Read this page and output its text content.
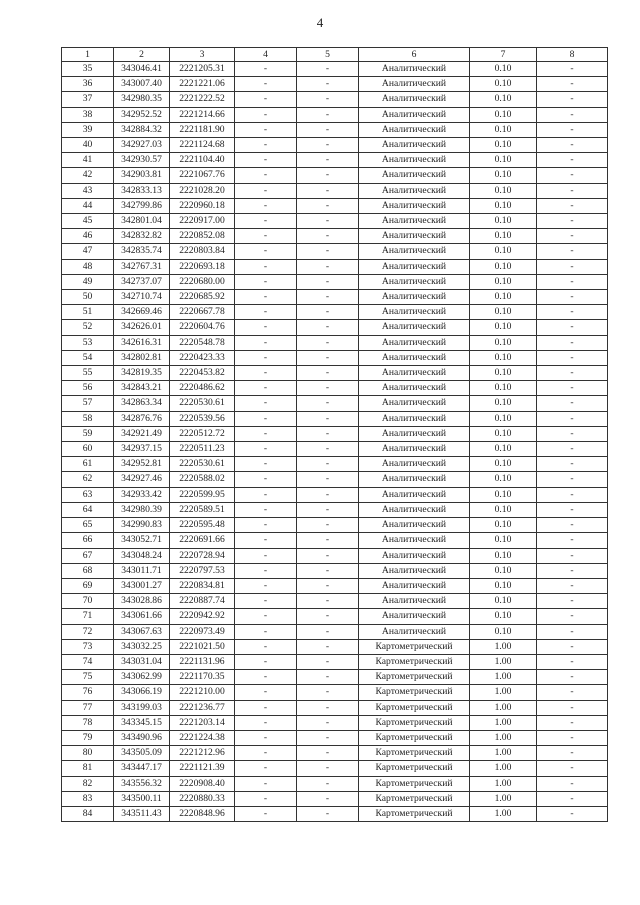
4
1	2	3	4	5	6	7	8
35	343046.41	2221205.31	-	-	Аналитический	0.10	-
36	343007.40	2221221.06	-	-	Аналитический	0.10	-
37	342980.35	2221222.52	-	-	Аналитический	0.10	-
38	342952.52	2221214.66	-	-	Аналитический	0.10	-
39	342884.32	2221181.90	-	-	Аналитический	0.10	-
40	342927.03	2221124.68	-	-	Аналитический	0.10	-
41	342930.57	2221104.40	-	-	Аналитический	0.10	-
42	342903.81	2221067.76	-	-	Аналитический	0.10	-
43	342833.13	2221028.20	-	-	Аналитический	0.10	-
44	342799.86	2220960.18	-	-	Аналитический	0.10	-
45	342801.04	2220917.00	-	-	Аналитический	0.10	-
46	342832.82	2220852.08	-	-	Аналитический	0.10	-
47	342835.74	2220803.84	-	-	Аналитический	0.10	-
48	342767.31	2220693.18	-	-	Аналитический	0.10	-
49	342737.07	2220680.00	-	-	Аналитический	0.10	-
50	342710.74	2220685.92	-	-	Аналитический	0.10	-
51	342669.46	2220667.78	-	-	Аналитический	0.10	-
52	342626.01	2220604.76	-	-	Аналитический	0.10	-
53	342616.31	2220548.78	-	-	Аналитический	0.10	-
54	342802.81	2220423.33	-	-	Аналитический	0.10	-
55	342819.35	2220453.82	-	-	Аналитический	0.10	-
56	342843.21	2220486.62	-	-	Аналитический	0.10	-
57	342863.34	2220530.61	-	-	Аналитический	0.10	-
58	342876.76	2220539.56	-	-	Аналитический	0.10	-
59	342921.49	2220512.72	-	-	Аналитический	0.10	-
60	342937.15	2220511.23	-	-	Аналитический	0.10	-
61	342952.81	2220530.61	-	-	Аналитический	0.10	-
62	342927.46	2220588.02	-	-	Аналитический	0.10	-
63	342933.42	2220599.95	-	-	Аналитический	0.10	-
64	342980.39	2220589.51	-	-	Аналитический	0.10	-
65	342990.83	2220595.48	-	-	Аналитический	0.10	-
66	343052.71	2220691.66	-	-	Аналитический	0.10	-
67	343048.24	2220728.94	-	-	Аналитический	0.10	-
68	343011.71	2220797.53	-	-	Аналитический	0.10	-
69	343001.27	2220834.81	-	-	Аналитический	0.10	-
70	343028.86	2220887.74	-	-	Аналитический	0.10	-
71	343061.66	2220942.92	-	-	Аналитический	0.10	-
72	343067.63	2220973.49	-	-	Аналитический	0.10	-
73	343032.25	2221021.50	-	-	Картометрический	1.00	-
74	343031.04	2221131.96	-	-	Картометрический	1.00	-
75	343062.99	2221170.35	-	-	Картометрический	1.00	-
76	343066.19	2221210.00	-	-	Картометрический	1.00	-
77	343199.03	2221236.77	-	-	Картометрический	1.00	-
78	343345.15	2221203.14	-	-	Картометрический	1.00	-
79	343490.96	2221224.38	-	-	Картометрический	1.00	-
80	343505.09	2221212.96	-	-	Картометрический	1.00	-
81	343447.17	2221121.39	-	-	Картометрический	1.00	-
82	343556.32	2220908.40	-	-	Картометрический	1.00	-
83	343500.11	2220880.33	-	-	Картометрический	1.00	-
84	343511.43	2220848.96	-	-	Картометрический	1.00	-
